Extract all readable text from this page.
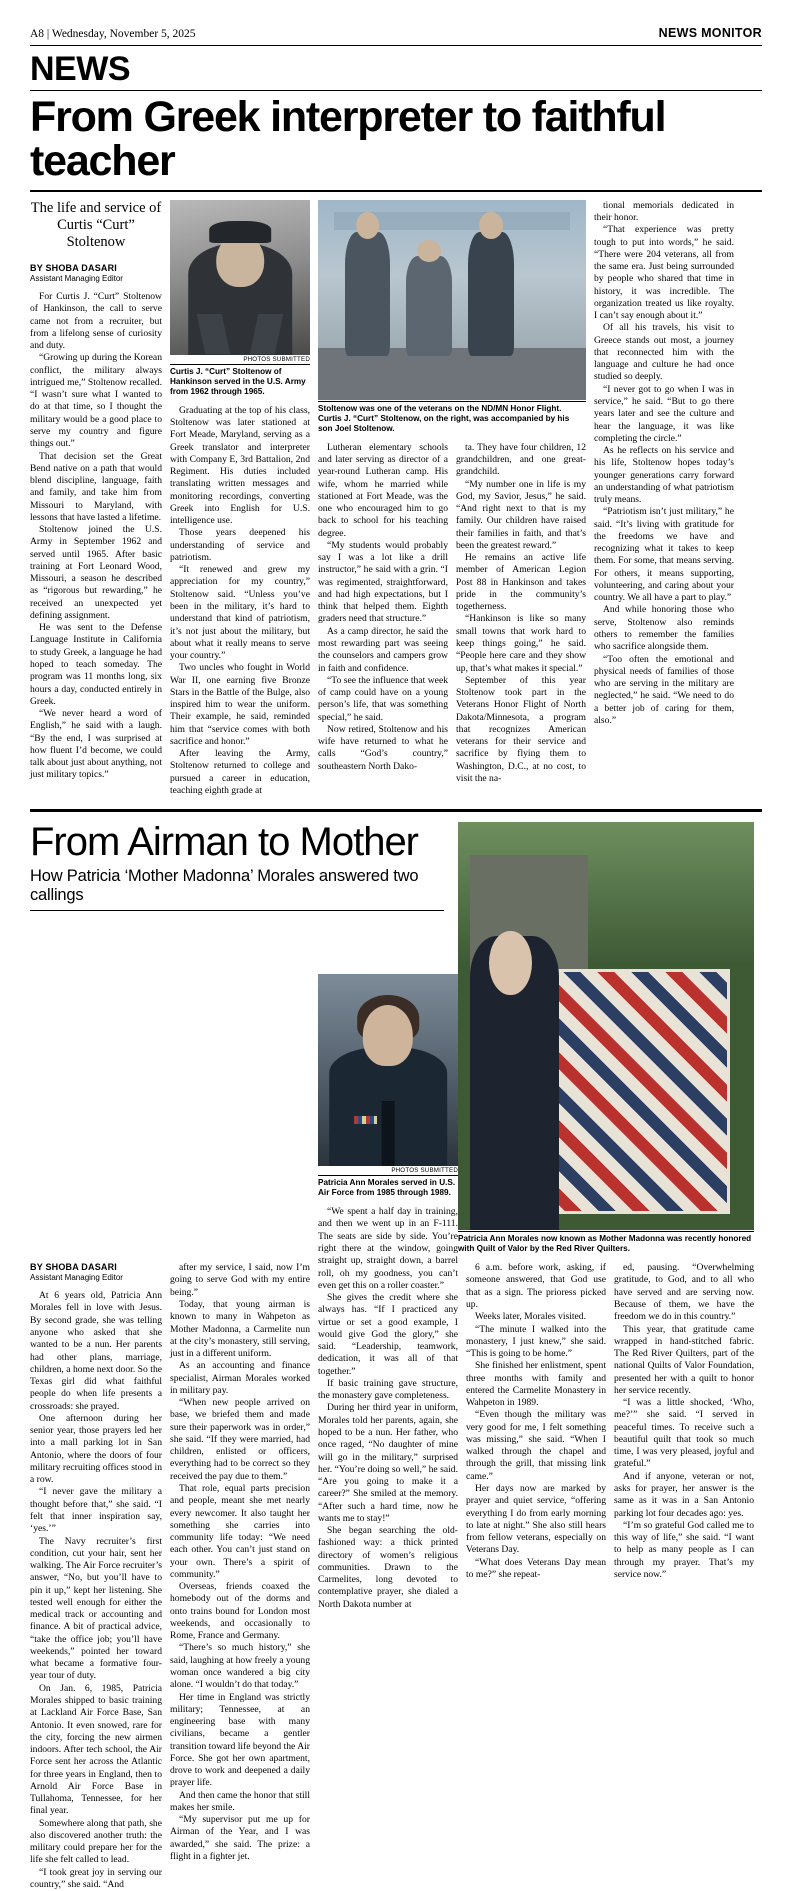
A8 | Wednesday, November 5, 2025	NEWS MONITOR
NEWS
From Greek interpreter to faithful teacher
The life and service of Curtis “Curt” Stoltenow
BY SHOBA DASARI
Assistant Managing Editor

For Curtis J. “Curt” Stoltenow of Hankinson, the call to serve came not from a recruiter, but from a lifelong sense of curiosity and duty.

“Growing up during the Korean conflict, the military always intrigued me,” Stoltenow recalled. “I wasn’t sure what I wanted to do at that time, so I thought the military would be a good place to serve my country and figure things out.”

That decision set the Great Bend native on a path that would blend discipline, language, faith and family, and take him from Missouri to Maryland, with lessons that have lasted a lifetime.

Stoltenow joined the U.S. Army in September 1962 and served until 1965. After basic training at Fort Leonard Wood, Missouri, a season he described as “rigorous but rewarding,” he received an unexpected yet defining assignment.

He was sent to the Defense Language Institute in California to study Greek, a language he had hoped to teach someday. The program was 11 months long, six hours a day, conducted entirely in Greek.

“We never heard a word of English,” he said with a laugh. “By the end, I was surprised at how fluent I’d become, we could talk about just about anything, not just military topics.”

PHOTOS SUBMITTED
Curtis J. “Curt” Stoltenow of Hankinson served in the U.S. Army from 1962 through 1965.

Graduating at the top of his class, Stoltenow was later stationed at Fort Meade, Maryland, serving as a Greek translator and interpreter with Company E, 3rd Battalion, 2nd Regiment. His duties included translating written messages and monitoring recordings, converting Greek into English for U.S. intelligence use.

Those years deepened his understanding of service and patriotism.

“It renewed and grew my appreciation for my country,” Stoltenow said. “Unless you’ve been in the military, it’s hard to understand that kind of patriotism, it’s not just about the military, but about what it really means to serve your country.”

Two uncles who fought in World War II, one earning five Bronze Stars in the Battle of the Bulge, also inspired him to wear the uniform. Their example, he said, reminded him that “service comes with both sacrifice and honor.”

After leaving the Army, Stoltenow returned to college and pursued a career in education, teaching eighth grade at

Stoltenow was one of the veterans on the ND/MN Honor Flight. Curtis J. “Curt” Stoltenow, on the right, was accompanied by his son Joel Stoltenow.

Lutheran elementary schools and later serving as director of a year-round Lutheran camp. His wife, whom he married while stationed at Fort Meade, was the one who encouraged him to go back to school for his teaching degree.

“My students would probably say I was a lot like a drill instructor,” he said with a grin. “I was regimented, straightforward, and had high expectations, but I think that helped them. Eighth graders need that structure.”

As a camp director, he said the most rewarding part was seeing the counselors and campers grow in faith and confidence.

“To see the influence that week of camp could have on a young person’s life, that was something special,” he said.

Now retired, Stoltenow and his wife have returned to what he calls “God’s country,” southeastern North Dako-

ta. They have four children, 12 grandchildren, and one great-grandchild.

“My number one in life is my God, my Savior, Jesus,” he said. “And right next to that is my family. Our children have raised their families in faith, and that’s been the greatest reward.”

He remains an active life member of American Legion Post 88 in Hankinson and takes pride in the community’s togetherness.

“Hankinson is like so many small towns that work hard to keep things going,” he said. “People here care and they show up, that’s what makes it special.”

September of this year Stoltenow took part in the Veterans Honor Flight of North Dakota/Minnesota, a program that recognizes American veterans for their service and sacrifice by flying them to Washington, D.C., at no cost, to visit the na-

tional memorials dedicated in their honor.

“That experience was pretty tough to put into words,” he said. “There were 204 veterans, all from the same era. Just being surrounded by people who shared that time in history, it was incredible. The organization treated us like royalty. I can’t say enough about it.”

Of all his travels, his visit to Greece stands out most, a journey that reconnected him with the language and culture he had once studied so deeply.

“I never got to go when I was in service,” he said. “But to go there years later and see the culture and hear the language, it was like completing the circle.”

As he reflects on his service and his life, Stoltenow hopes today’s younger generations carry forward an understanding of what patriotism truly means.

“Patriotism isn’t just military,” he said. “It’s living with gratitude for the freedoms we have and recognizing what it takes to keep them. For some, that means serving. For others, it means supporting, volunteering, and caring about your country. We all have a part to play.”

And while honoring those who serve, Stoltenow also reminds others to remember the families who sacrifice alongside them.

“Too often the emotional and physical needs of families of those who are serving in the military are neglected,” he said. “We need to do a better job of caring for them, also.”

From Airman to Mother
How Patricia ‘Mother Madonna’ Morales answered two callings
Patricia Ann Morales now known as Mother Madonna was recently honored with Quilt of Valor by the Red River Quilters.
BY SHOBA DASARI
Assistant Managing Editor

At 6 years old, Patricia Ann Morales fell in love with Jesus. By second grade, she was telling anyone who asked that she wanted to be a nun. Her parents had other plans, marriage, children, a home next door. So the Texas girl did what faithful people do when life presents a crossroads: she prayed.

One afternoon during her senior year, those prayers led her into a mall parking lot in San Antonio, where the doors of four military recruiting offices stood in a row.

“I never gave the military a thought before that,” she said. “I felt that inner inspiration say, ‘yes.’”

The Navy recruiter’s first condition, cut your hair, sent her walking. The Air Force recruiter’s answer, “No, but you’ll have to pin it up,” kept her listening. She tested well enough for either the medical track or accounting and finance. A bit of practical advice, “take the office job; you’ll have weekends,” pointed her toward what became a formative four-year tour of duty.

On Jan. 6, 1985, Patricia Morales shipped to basic training at Lackland Air Force Base, San Antonio. It even snowed, rare for the city, forcing the new airmen indoors. After tech school, the Air Force sent her across the Atlantic for three years in England, then to Arnold Air Force Base in Tullahoma, Tennessee, for her final year.

Somewhere along that path, she also discovered another truth: the military could prepare her for the life she felt called to lead.

“I took great joy in serving our country,” she said. “And

after my service, I said, now I’m going to serve God with my entire being.”

Today, that young airman is known to many in Wahpeton as Mother Madonna, a Carmelite nun at the city’s monastery, still serving, just in a different uniform.

As an accounting and finance specialist, Airman Morales worked in military pay.

“When new people arrived on base, we briefed them and made sure their paperwork was in order,” she said. “If they were married, had children, enlisted or officers, everything had to be correct so they received the pay due to them.”

That role, equal parts precision and people, meant she met nearly every newcomer. It also taught her something she carries into community life today: “We need each other. You can’t just stand on your own. There’s a spirit of community.”

Overseas, friends coaxed the homebody out of the dorms and onto trains bound for London most weekends, and occasionally to Rome, France and Germany.

“There’s so much history,” she said, laughing at how freely a young woman once wandered a big city alone. “I wouldn’t do that today.”

Her time in England was strictly military; Tennessee, at an engineering base with many civilians, became a gentler transition toward life beyond the Air Force. She got her own apartment, drove to work and deepened a daily prayer life.

And then came the honor that still makes her smile.

“My supervisor put me up for Airman of the Year, and I was awarded,” she said. The prize: a flight in a fighter jet.

PHOTOS SUBMITTED
Patricia Ann Morales served in U.S. Air Force from 1985 through 1989.

“We spent a half day in training, and then we went up in an F-111. The seats are side by side. You’re right there at the window, going straight up, straight down, a barrel roll, oh my goodness, you can’t even get this on a roller coaster.”

She gives the credit where she always has. “If I practiced any virtue or set a good example, I would give God the glory,” she said. “Leadership, teamwork, dedication, it was all of that together.”

If basic training gave structure, the monastery gave completeness.

During her third year in uniform, Morales told her parents, again, she hoped to be a nun. Her father, who once raged, “No daughter of mine will go in the military,” surprised her. “You’re doing so well,” he said. “Are you going to make it a career?” She smiled at the memory. “After such a hard time, now he wants me to stay!”

She began searching the old-fashioned way: a thick printed directory of women’s religious communities. Drawn to the Carmelites, long devoted to contemplative prayer, she dialed a North Dakota number at

6 a.m. before work, asking, if someone answered, that God use that as a sign. The prioress picked up.

Weeks later, Morales visited.

“The minute I walked into the monastery, I just knew,” she said. “This is going to be home.”

She finished her enlistment, spent three months with family and entered the Carmelite Monastery in Wahpeton in 1989.

“Even though the military was very good for me, I felt something was missing,” she said. “When I walked through the chapel and through the grill, that missing link came.”

Her days now are marked by prayer and quiet service, “offering everything I do from early morning to late at night.” She also still hears from fellow veterans, especially on Veterans Day.

“What does Veterans Day mean to me?” she repeat-

ed, pausing. “Overwhelming gratitude, to God, and to all who have served and are serving now. Because of them, we have the freedom we do in this country.”

This year, that gratitude came wrapped in hand-stitched fabric. The Red River Quilters, part of the national Quilts of Valor Foundation, presented her with a quilt to honor her service recently.

“I was a little shocked, ‘Who, me?’” she said. “I served in peaceful times. To receive such a beautiful quilt that took so much time, I was very pleased, joyful and grateful.”

And if anyone, veteran or not, asks for prayer, her answer is the same as it was in a San Antonio parking lot four decades ago: yes.

“I’m so grateful God called me to this way of life,” she said. “I want to help as many people as I can through my prayer. That’s my service now.”
